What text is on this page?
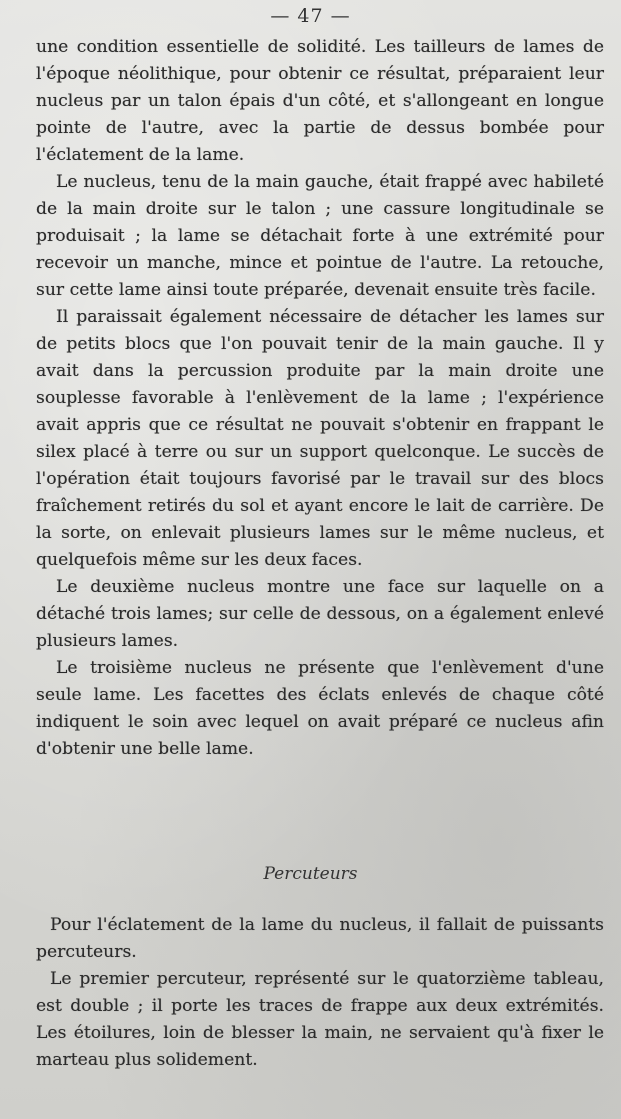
— 47 —

une condition essentielle de solidité. Les tailleurs de lames de l'époque néolithique, pour obtenir ce résultat, préparaient leur nucleus par un talon épais d'un côté, et s'allongeant en longue pointe de l'autre, avec la partie de dessus bombée pour l'éclatement de la lame.

Le nucleus, tenu de la main gauche, était frappé avec habileté de la main droite sur le talon ; une cassure longitudinale se produisait ; la lame se détachait forte à une extrémité pour recevoir un manche, mince et pointue de l'autre. La retouche, sur cette lame ainsi toute préparée, devenait ensuite très facile.

Il paraissait également nécessaire de détacher les lames sur de petits blocs que l'on pouvait tenir de la main gauche. Il y avait dans la percussion produite par la main droite une souplesse favorable à l'enlèvement de la lame ; l'expérience avait appris que ce résultat ne pouvait s'obtenir en frappant le silex placé à terre ou sur un support quelconque. Le succès de l'opération était toujours favorisé par le travail sur des blocs fraîchement retirés du sol et ayant encore le lait de carrière. De la sorte, on enlevait plusieurs lames sur le même nucleus, et quelquefois même sur les deux faces.

Le deuxième nucleus montre une face sur laquelle on a détaché trois lames; sur celle de dessous, on a également enlevé plusieurs lames.

Le troisième nucleus ne présente que l'enlèvement d'une seule lame. Les facettes des éclats enlevés de chaque côté indiquent le soin avec lequel on avait préparé ce nucleus afin d'obtenir une belle lame.

Percuteurs

Pour l'éclatement de la lame du nucleus, il fallait de puissants percuteurs.

Le premier percuteur, représenté sur le quatorzième tableau, est double ; il porte les traces de frappe aux deux extrémités. Les étoilures, loin de blesser la main, ne servaient qu'à fixer le marteau plus solidement.
